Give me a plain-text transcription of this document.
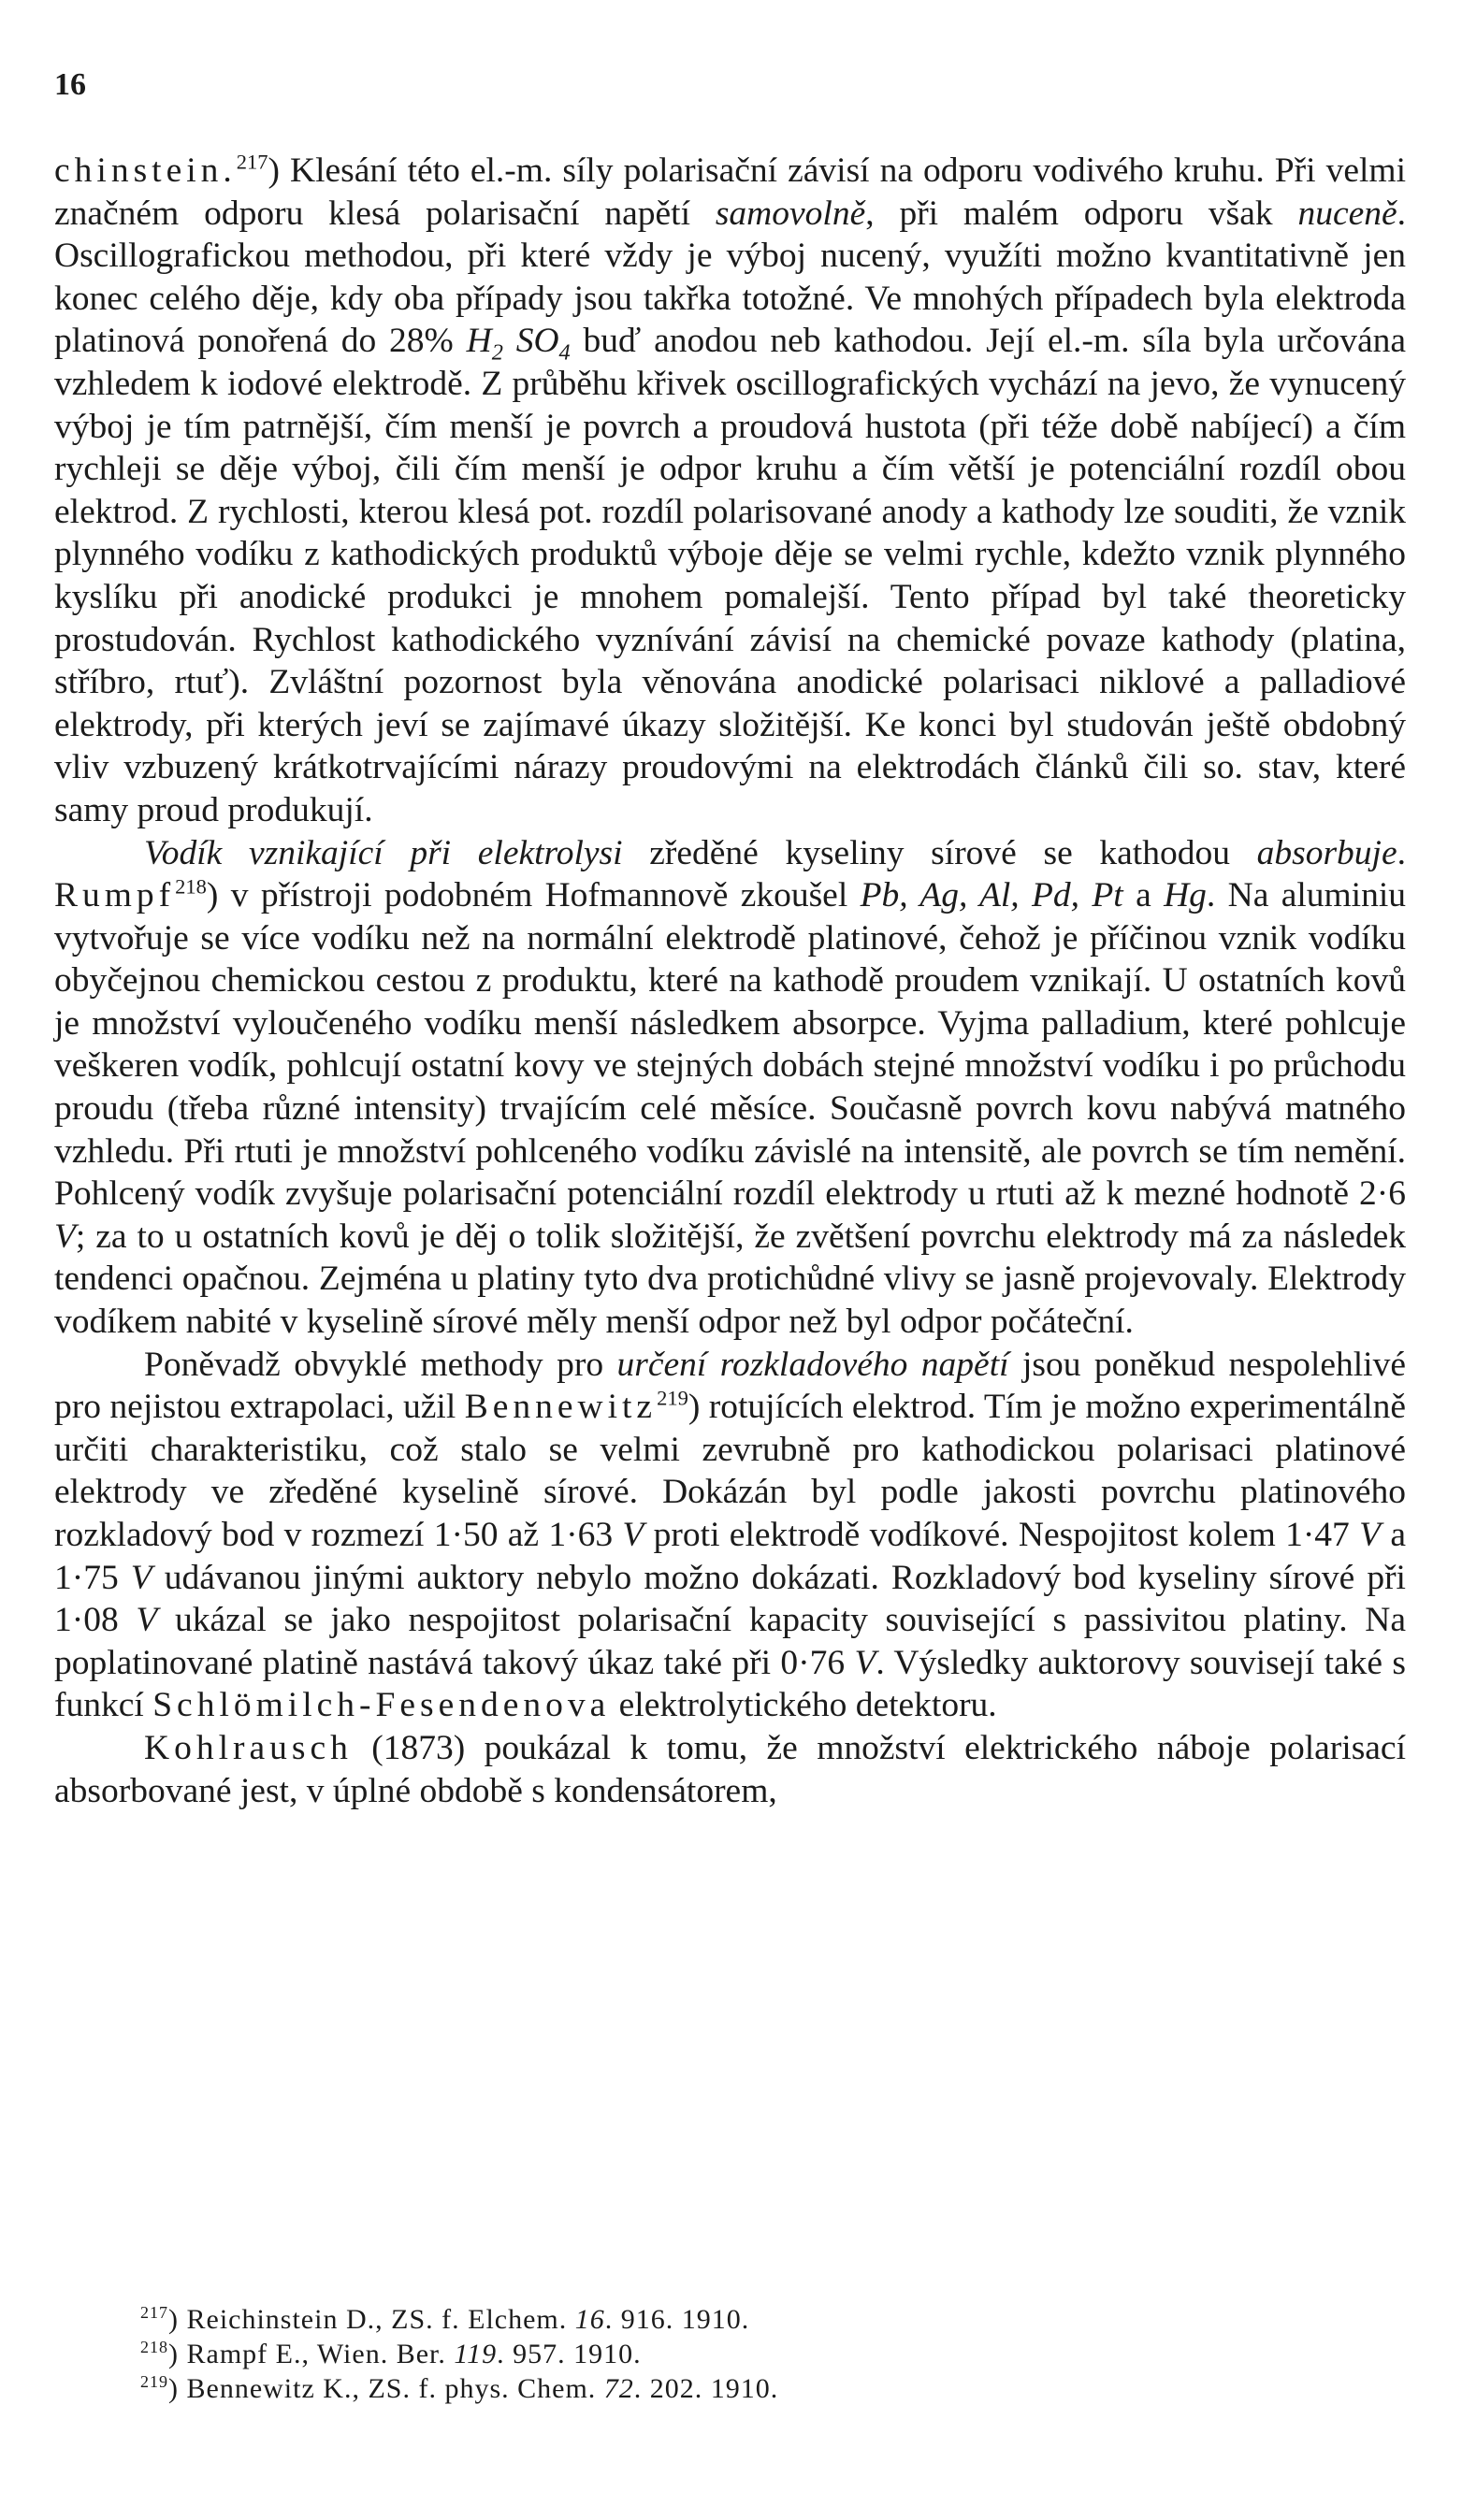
16

chinstein.$^{217}$) Klesání této el.-m. síly polarisační závisí na odporu vodivého kruhu. Při velmi značném odporu klesá polarisační napětí samovolně, při malém odporu však nuceně. Oscillografickou methodou, při které vždy je výboj nucený, využíti možno kvantitativně jen konec celého děje, kdy oba případy jsou takřka totožné. Ve mnohých případech byla elektroda platinová ponořená do 28% $H_2$ $SO_4$ buď anodou neb kathodou. Její el.-m. síla byla určována vzhledem k iodové elektrodě. Z průběhu křivek oscillografických vychází na jevo, že vynucený výboj je tím patrnější, čím menší je povrch a proudová hustota (při téže době nabíjecí) a čím rychleji se děje výboj, čili čím menší je odpor kruhu a čím větší je potenciální rozdíl obou elektrod. Z rychlosti, kterou klesá pot. rozdíl polarisované anody a kathody lze souditi, že vznik plynného vodíku z kathodických produktů výboje děje se velmi rychle, kdežto vznik plynného kyslíku při anodické produkci je mnohem pomalejší. Tento případ byl také theoreticky prostudován. Rychlost kathodického vyznívání závisí na chemické povaze kathody (platina, stříbro, rtuť). Zvláštní pozornost byla věnována anodické polarisaci niklové a palladiové elektrody, při kterých jeví se zajímavé úkazy složitější. Ke konci byl studován ještě obdobný vliv vzbuzený krátkotrvajícími nárazy proudovými na elektrodách článků čili so. stav, které samy proud produkují.

Vodík vznikající při elektrolysi zředěné kyseliny sírové se kathodou absorbuje. Rumpf$^{218}$) v přístroji podobném Hofmannově zkoušel Pb, Ag, Al, Pd, Pt a Hg. Na aluminiu vytvořuje se více vodíku než na normální elektrodě platinové, čehož je příčinou vznik vodíku obyčejnou chemickou cestou z produktu, které na kathodě proudem vznikají. U ostatních kovů je množství vyloučeného vodíku menší následkem absorpce. Vyjma palladium, které pohlcuje veškeren vodík, pohlcují ostatní kovy ve stejných dobách stejné množství vodíku i po průchodu proudu (třeba různé intensity) trvajícím celé měsíce. Současně povrch kovu nabývá matného vzhledu. Při rtuti je množství pohlceného vodíku závislé na intensitě, ale povrch se tím nemění. Pohlcený vodík zvyšuje polarisační potenciální rozdíl elektrody u rtuti až k mezné hodnotě 2·6 V; za to u ostatních kovů je děj o tolik složitější, že zvětšení povrchu elektrody má za následek tendenci opačnou. Zejména u platiny tyto dva protichůdné vlivy se jasně projevovaly. Elektrody vodíkem nabité v kyselině sírové měly menší odpor než byl odpor počáteční.

Poněvadž obvyklé methody pro určení rozkladového napětí jsou poněkud nespolehlivé pro nejistou extrapolaci, užil Bennewitz$^{219}$) rotujících elektrod. Tím je možno experimentálně určiti charakteristiku, což stalo se velmi zevrubně pro kathodickou polarisaci platinové elektrody ve zředěné kyselině sírové. Dokázán byl podle jakosti povrchu platinového rozkladový bod v rozmezí 1·50 až 1·63 V proti elektrodě vodíkové. Nespojitost kolem 1·47 V a 1·75 V udávanou jinými auktory nebylo možno dokázati. Rozkladový bod kyseliny sírové při 1·08 V ukázal se jako nespojitost polarisační kapacity související s passivitou platiny. Na poplatinované platině nastává takový úkaz také při 0·76 V. Výsledky auktorovy souvisejí také s funkcí Schlömilch-Fesendenova elektrolytického detektoru.

Kohlrausch (1873) poukázal k tomu, že množství elektrického náboje polarisací absorbované jest, v úplné obdobě s kondensátorem,

$^{217}$) Reichinstein D., ZS. f. Elchem. 16. 916. 1910.
$^{218}$) Rampf E., Wien. Ber. 119. 957. 1910.
$^{219}$) Bennewitz K., ZS. f. phys. Chem. 72. 202. 1910.
